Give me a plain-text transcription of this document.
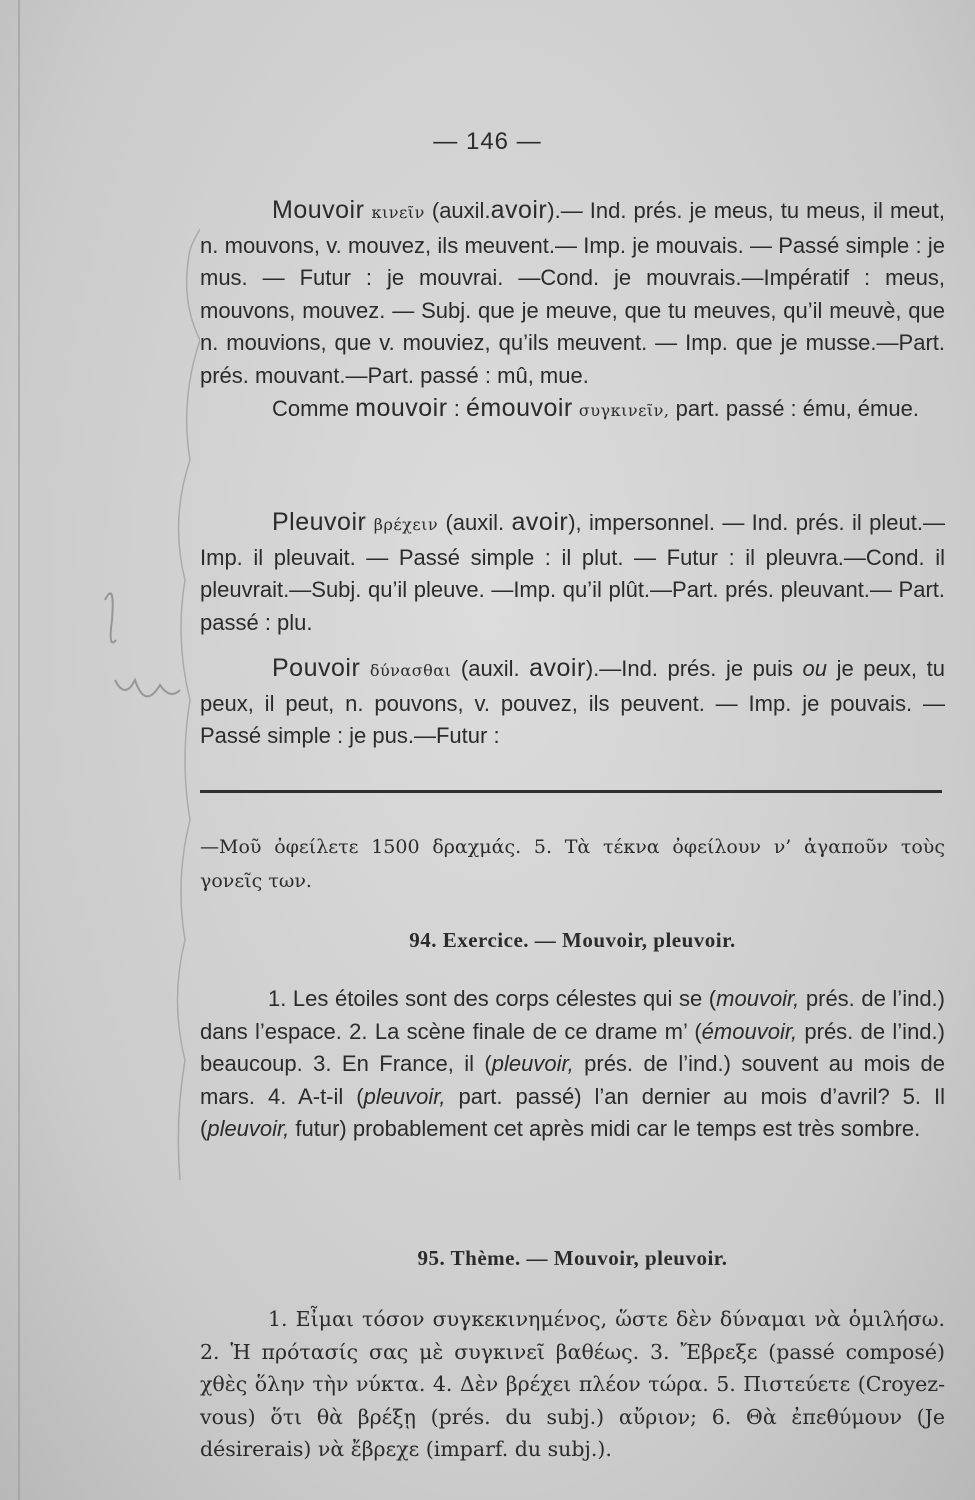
— 146 —

Mouvoir κινεῖν (auxil.avoir).— Ind. prés. je meus, tu meus, il meut, n. mouvons, v. mouvez, ils meuvent.— Imp. je mouvais. — Passé simple : je mus. — Futur : je mouvrai. —Cond. je mouvrais.—Impératif : meus, mouvons, mouvez. — Subj. que je meuve, que tu meuves, qu’il meuvè, que n. mouvions, que v. mouviez, qu’ils meuvent. — Imp. que je musse.—Part. prés. mouvant.—Part. passé : mû, mue.

Comme mouvoir : émouvoir συγκινεῖν, part. passé : ému, émue.

Pleuvoir βρέχειν (auxil. avoir), impersonnel. — Ind. prés. il pleut.—Imp. il pleuvait. — Passé simple : il plut. — Futur : il pleuvra.—Cond. il pleuvrait.—Subj. qu’il pleuve. —Imp. qu’il plût.—Part. prés. pleuvant.— Part. passé : plu.

Pouvoir δύνασθαι (auxil. avoir).—Ind. prés. je puis ou je peux, tu peux, il peut, n. pouvons, v. pouvez, ils peuvent. — Imp. je pouvais. — Passé simple : je pus.—Futur :

—Μοῦ ὀφείλετε 1500 δραχμάς. 5. Τὰ τέκνα ὀφείλουν ν’ ἀγαποῦν τοὺς γονεῖς των.

94. Exercice. — Mouvoir, pleuvoir.

1. Les étoiles sont des corps célestes qui se (mouvoir, prés. de l’ind.) dans l’espace. 2. La scène finale de ce drame m’ (émouvoir, prés. de l’ind.) beaucoup. 3. En France, il (pleuvoir, prés. de l’ind.) souvent au mois de mars. 4. A-t-il (pleuvoir, part. passé) l’an dernier au mois d’avril? 5. Il (pleuvoir, futur) probablement cet après midi car le temps est très sombre.

95. Thème. — Mouvoir, pleuvoir.

1. Εἶμαι τόσον συγκεκινημένος, ὥστε δὲν δύναμαι νὰ ὁμιλήσω. 2. Ἡ πρότασίς σας μὲ συγκινεῖ βαθέως. 3. Ἔβρεξε (passé composé) χθὲς ὅλην τὴν νύκτα. 4. Δὲν βρέχει πλέον τώρα. 5. Πιστεύετε (Croyez-vous) ὅτι θὰ βρέξῃ (prés. du subj.) αὔριον; 6. Θὰ ἐπεθύμουν (Je désirerais) νὰ ἔβρεχε (imparf. du subj.).
